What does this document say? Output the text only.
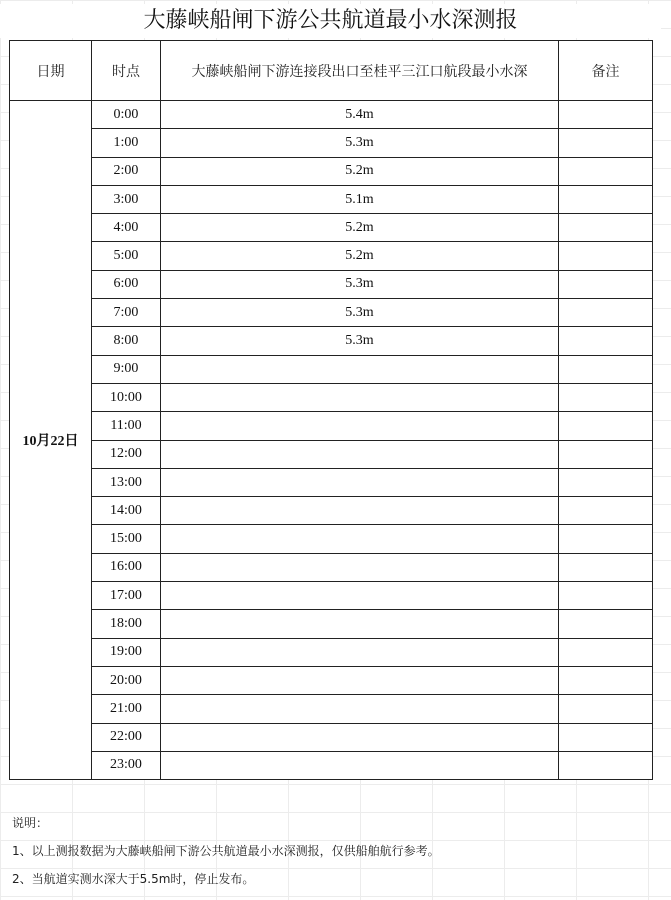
大藤峡船闸下游公共航道最小水深测报
日期	时点	大藤峡船闸下游连接段出口至桂平三江口航段最小水深	备注
10月22日	0:00	5.4m	
	1:00	5.3m	
	2:00	5.2m	
	3:00	5.1m	
	4:00	5.2m	
	5:00	5.2m	
	6:00	5.3m	
	7:00	5.3m	
	8:00	5.3m	
	9:00		
	10:00		
	11:00		
	12:00		
	13:00		
	14:00		
	15:00		
	16:00		
	17:00		
	18:00		
	19:00		
	20:00		
	21:00		
	22:00		
	23:00		
说明：
1、以上测报数据为大藤峡船闸下游公共航道最小水深测报，仅供船舶航行参考。
2、当航道实测水深大于5.5m时，停止发布。
